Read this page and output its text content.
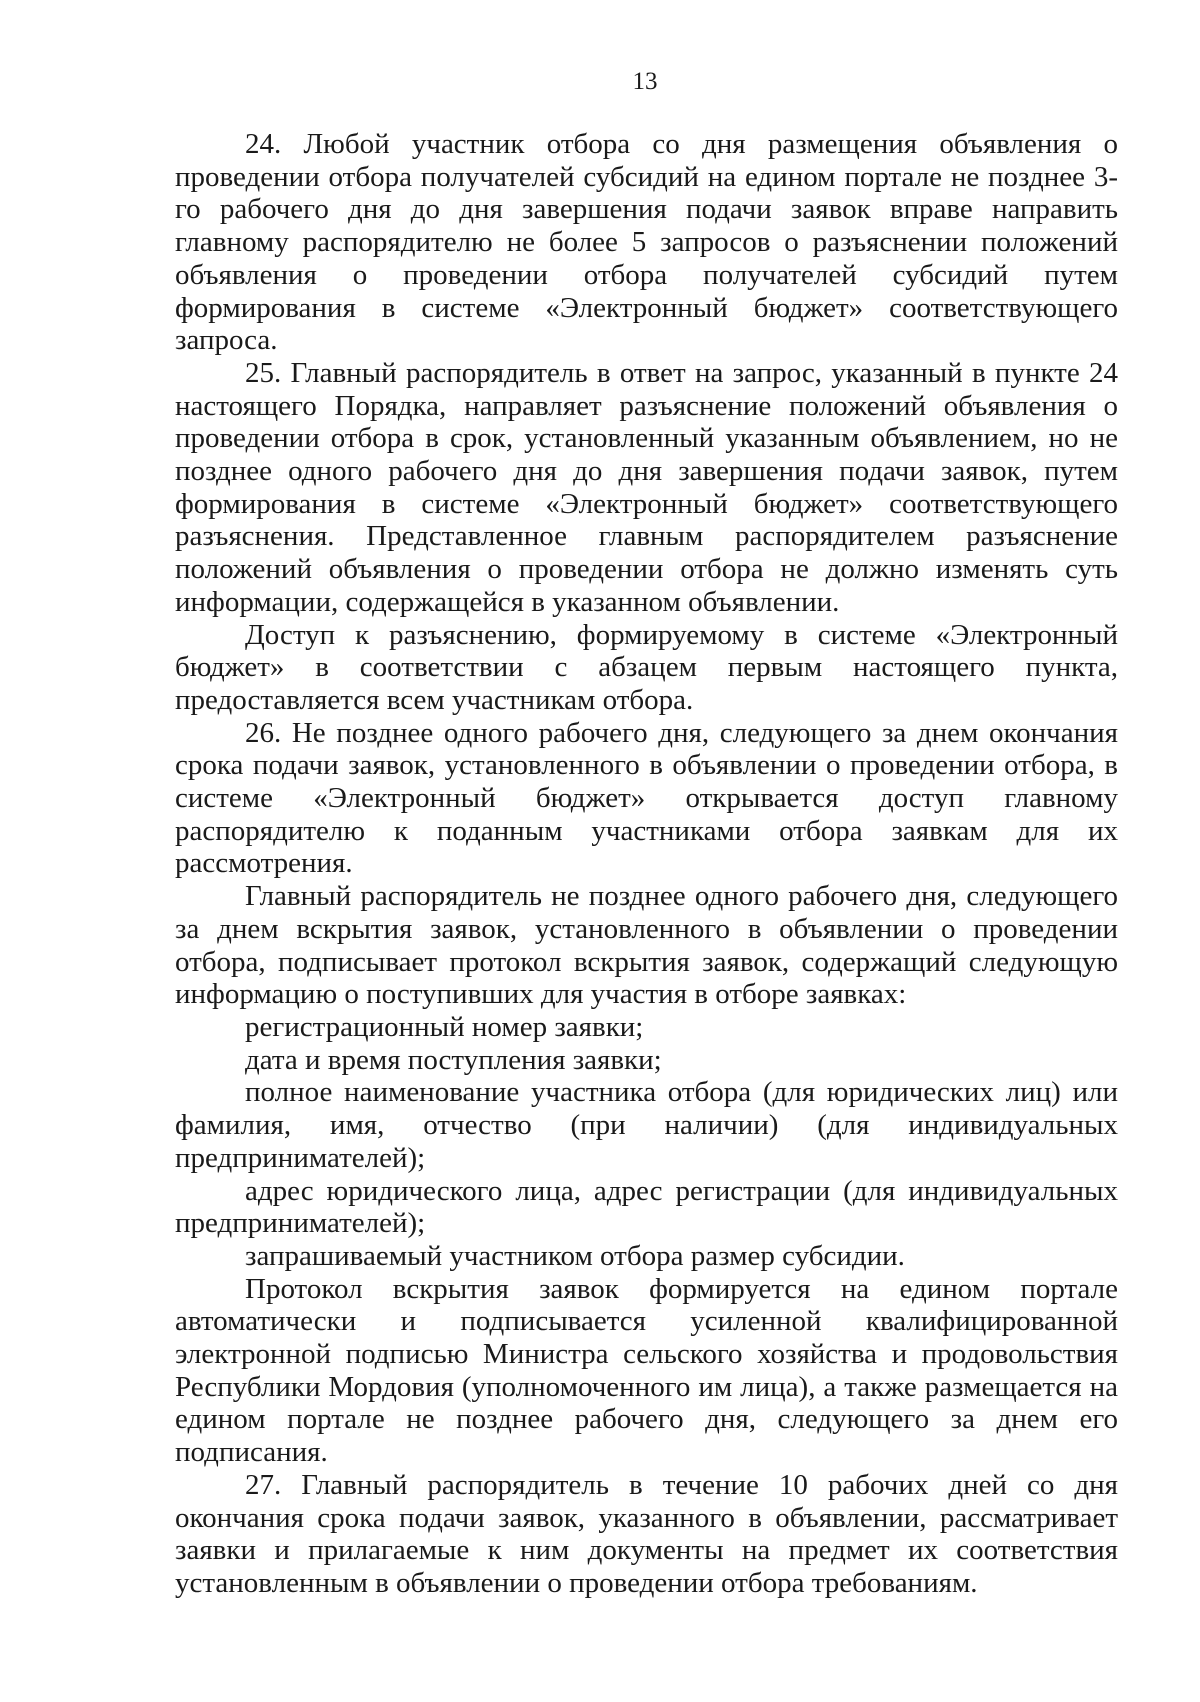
13

24. Любой участник отбора со дня размещения объявления о проведении отбора получателей субсидий на едином портале не позднее 3-го рабочего дня до дня завершения подачи заявок вправе направить главному распорядителю не более 5 запросов о разъяснении положений объявления о проведении отбора получателей субсидий путем формирования в системе «Электронный бюджет» соответствующего запроса.

25. Главный распорядитель в ответ на запрос, указанный в пункте 24 настоящего Порядка, направляет разъяснение положений объявления о проведении отбора в срок, установленный указанным объявлением, но не позднее одного рабочего дня до дня завершения подачи заявок, путем формирования в системе «Электронный бюджет» соответствующего разъяснения. Представленное главным распорядителем разъяснение положений объявления о проведении отбора не должно изменять суть информации, содержащейся в указанном объявлении.

Доступ к разъяснению, формируемому в системе «Электронный бюджет» в соответствии с абзацем первым настоящего пункта, предоставляется всем участникам отбора.

26. Не позднее одного рабочего дня, следующего за днем окончания срока подачи заявок, установленного в объявлении о проведении отбора, в системе «Электронный бюджет» открывается доступ главному распорядителю к поданным участниками отбора заявкам для их рассмотрения.

Главный распорядитель не позднее одного рабочего дня, следующего за днем вскрытия заявок, установленного в объявлении о проведении отбора, подписывает протокол вскрытия заявок, содержащий следующую информацию о поступивших для участия в отборе заявках:

регистрационный номер заявки;

дата и время поступления заявки;

полное наименование участника отбора (для юридических лиц) или фамилия, имя, отчество (при наличии) (для индивидуальных предпринимателей);

адрес юридического лица, адрес регистрации (для индивидуальных предпринимателей);

запрашиваемый участником отбора размер субсидии.

Протокол вскрытия заявок формируется на едином портале автоматически и подписывается усиленной квалифицированной электронной подписью Министра сельского хозяйства и продовольствия Республики Мордовия (уполномоченного им лица), а также размещается на едином портале не позднее рабочего дня, следующего за днем его подписания.

27. Главный распорядитель в течение 10 рабочих дней со дня окончания срока подачи заявок, указанного в объявлении, рассматривает заявки и прилагаемые к ним документы на предмет их соответствия установленным в объявлении о проведении отбора требованиям.
